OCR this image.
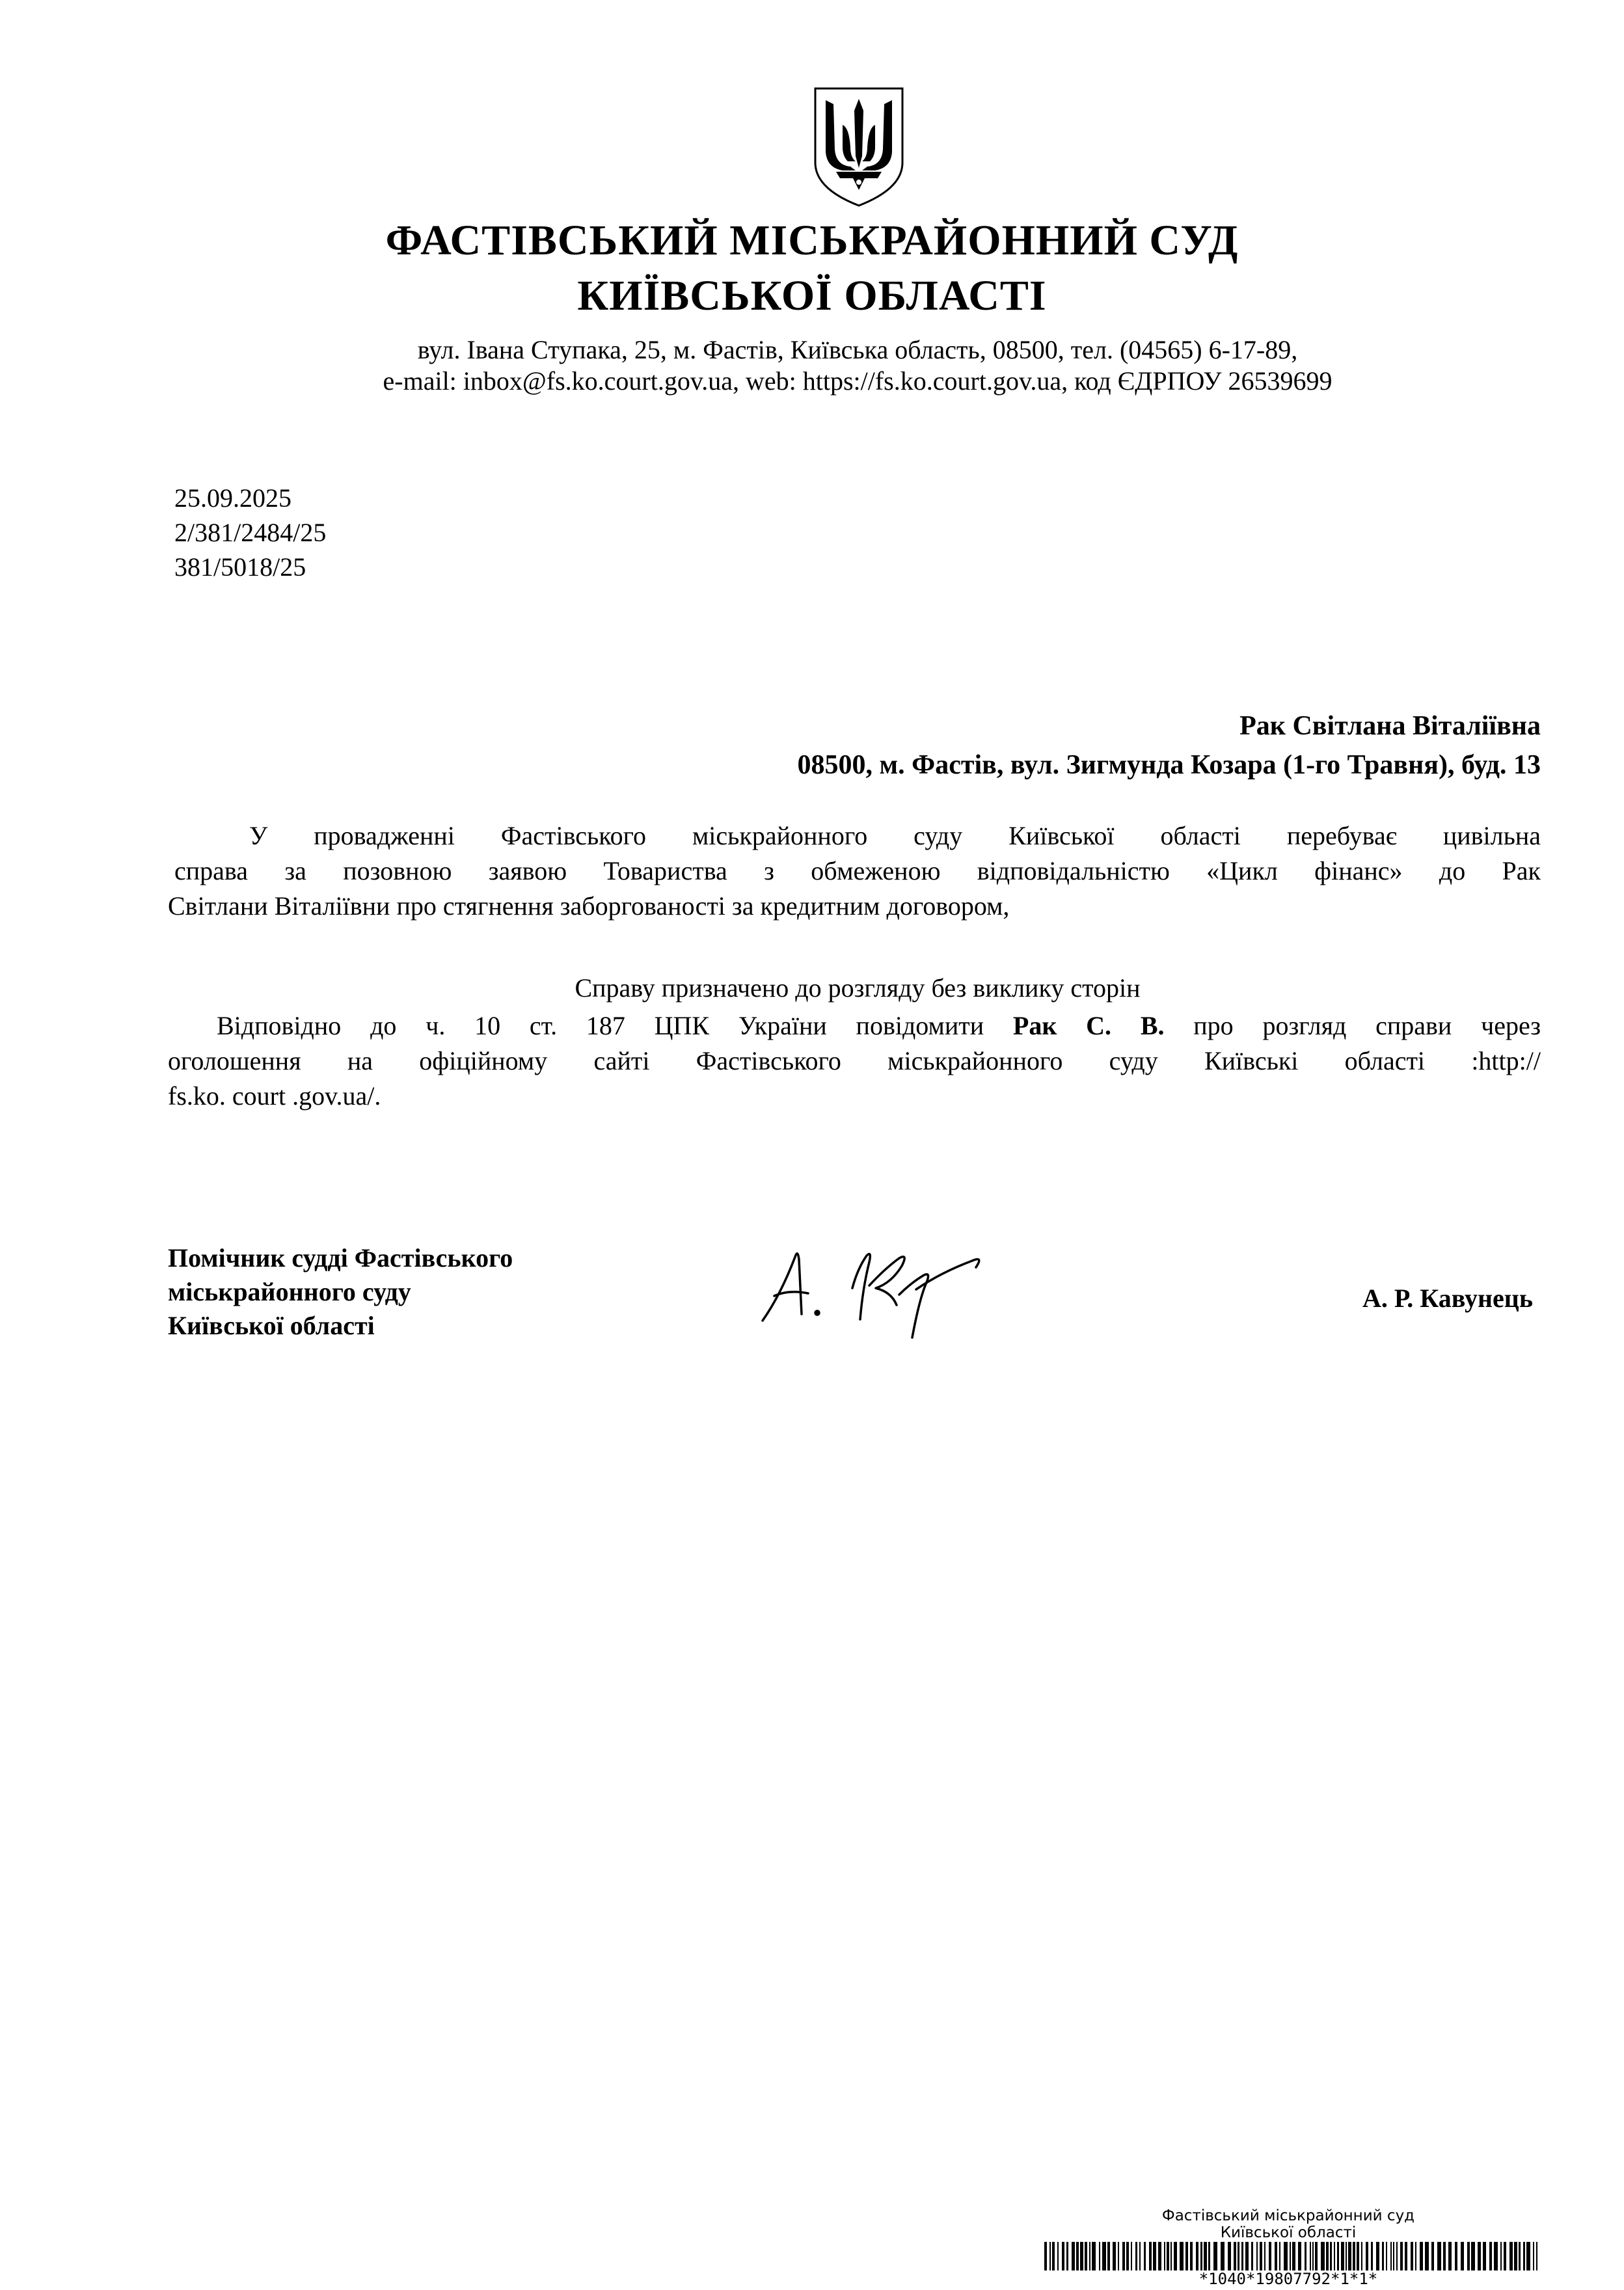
ФАСТІВСЬКИЙ МІСЬКРАЙОННИЙ СУД
КИЇВСЬКОЇ ОБЛАСТІ
вул. Івана Ступака, 25, м. Фастів, Київська область, 08500, тел. (04565) 6-17-89,
e-mail: inbox@fs.ko.court.gov.ua, web: https://fs.ko.court.gov.ua, код ЄДРПОУ 26539699
25.09.2025
2/381/2484/25
381/5018/25
Рак Світлана Віталіївна
08500, м. Фастів, вул. Зигмунда Козара (1-го Травня), буд. 13
У провадженні Фастівського міськрайонного суду Київської області перебуває цивільна
справа за позовною заявою Товариства з обмеженою відповідальністю «Цикл фінанс» до Рак
Світлани Віталіївни про стягнення заборгованості за кредитним договором,
Справу призначено до розгляду без виклику сторін
Відповідно до ч. 10 ст. 187 ЦПК України повідомити Рак С. В. про розгляд справи через
оголошення на офіційному сайті Фастівського міськрайонного суду Київські області :http://
fs.ko. court .gov.ua/.
Помічник судді Фастівського
міськрайонного суду
Київської області
А. Р. Кавунець
Фастівський міськрайонний суд
Київської області
*1040*19807792*1*1*
